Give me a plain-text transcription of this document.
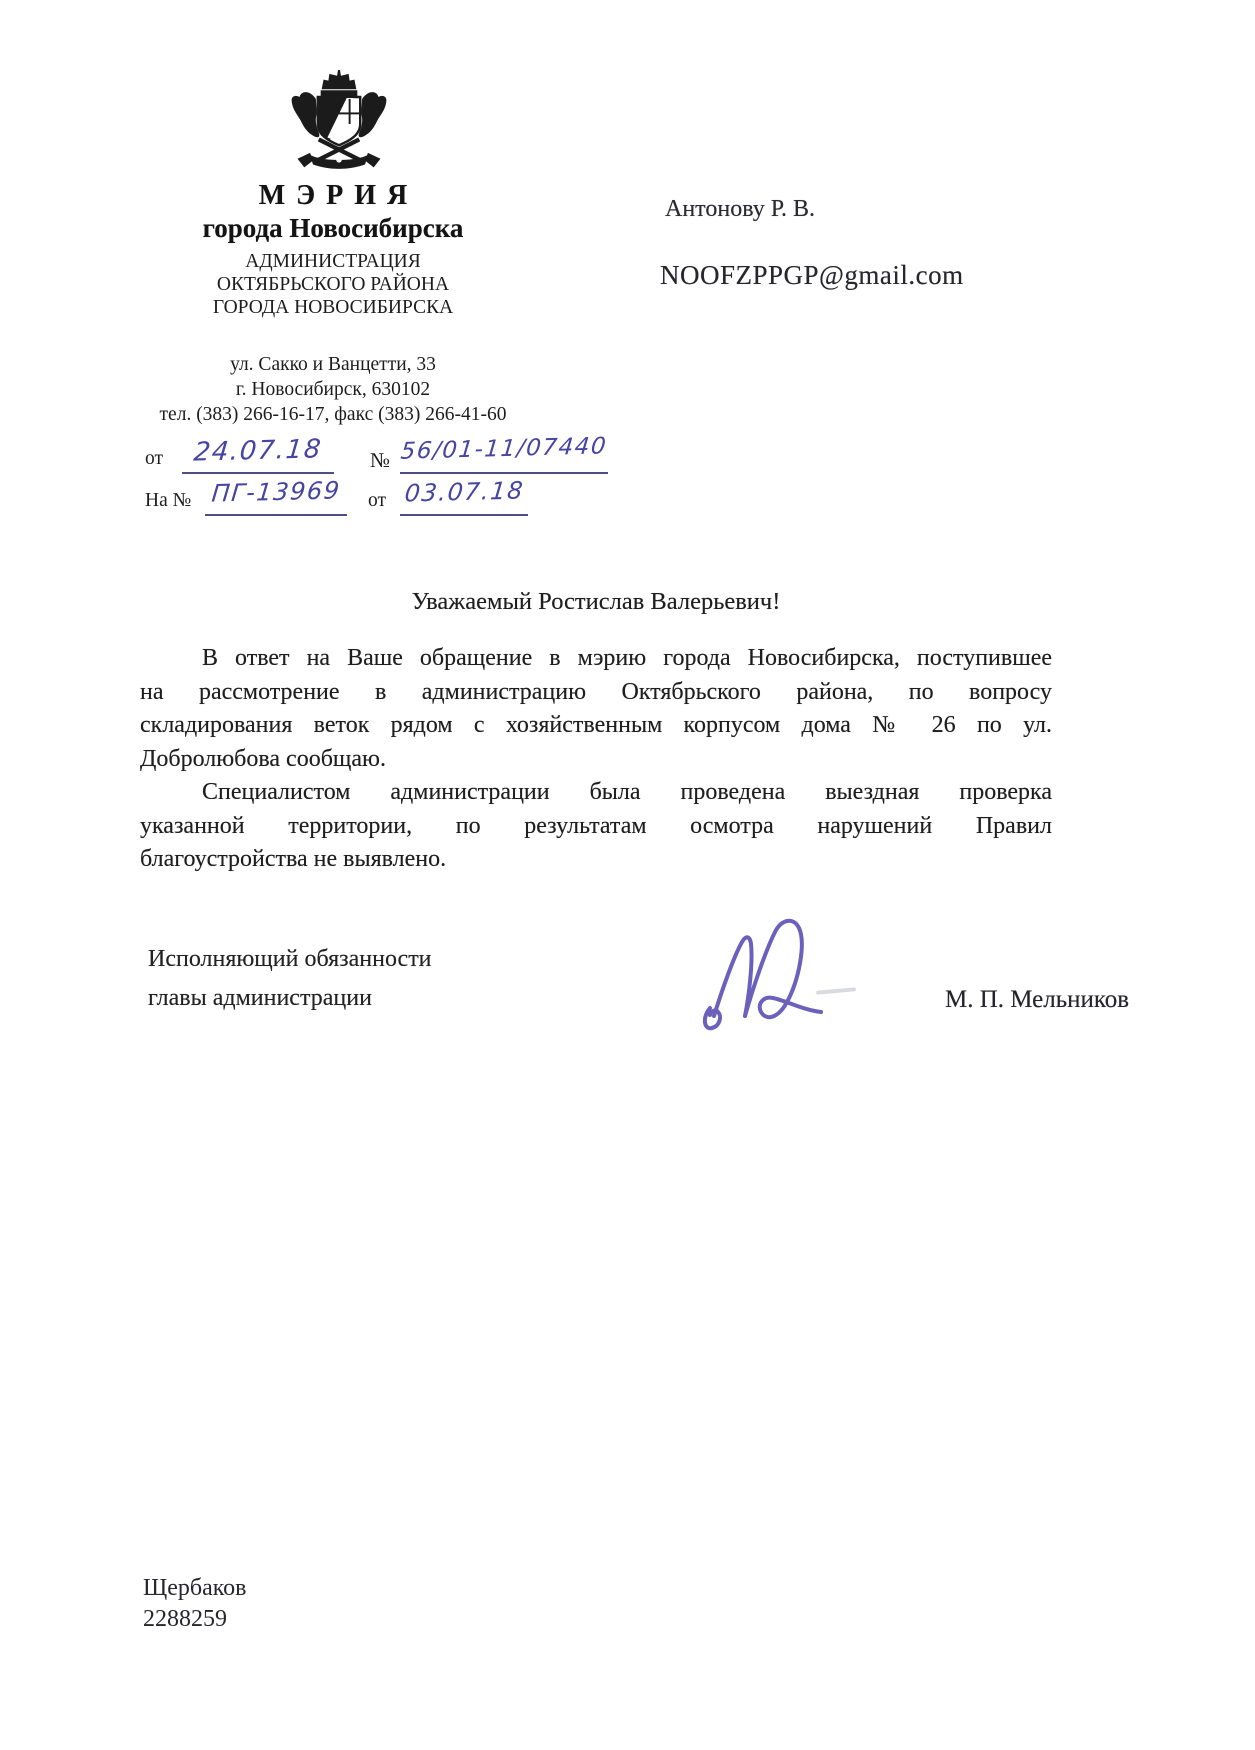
МЭРИЯ
города Новосибирска
АДМИНИСТРАЦИЯ
ОКТЯБРЬСКОГО РАЙОНА
ГОРОДА НОВОСИБИРСКА
ул. Сакко и Ванцетти, 33
г. Новосибирск, 630102
тел. (383) 266-16-17, факс (383) 266-41-60
от	24.07.18	№ 56/01-11/07440
На № ПГ-13969 от 03.07.18
Антонову Р. В.
NOOFZPPGP@gmail.com
Уважаемый Ростислав Валерьевич!
В ответ на Ваше обращение в мэрию города Новосибирска, поступившее
на рассмотрение в администрацию Октябрьского района, по вопросу
складирования веток рядом с хозяйственным корпусом дома № 26 по ул.
Добролюбова сообщаю.
Специалистом администрации была проведена выездная проверка
указанной территории, по результатам осмотра нарушений Правил
благоустройства не выявлено.
Исполняющий обязанности
главы администрации	М. П. Мельников
Щербаков
2288259
